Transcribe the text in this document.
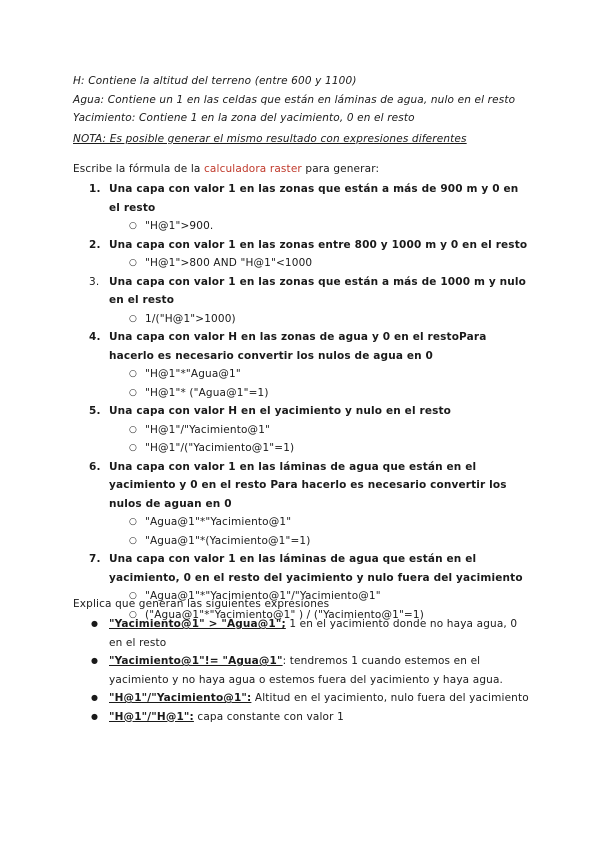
H: Contiene la altitud del terreno (entre 600 y 1100)
Agua: Contiene un 1 en las celdas que están en láminas de agua, nulo en el resto
Yacimiento: Contiene 1 en la zona del yacimiento, 0 en el resto
NOTA: Es posible generar el mismo resultado con expresiones diferentes
Escribe la fórmula de la calculadora raster para generar:
1. Una capa con valor 1 en las zonas que están a más de 900 m y 0 en el resto
○ "H@1">900.
2. Una capa con valor 1 en las zonas entre 800 y 1000 m y 0 en el resto
○ "H@1">800 AND "H@1"<1000
3. Una capa con valor 1 en las zonas que están a más de 1000 m y nulo en el resto
○ 1/("H@1">1000)
4. Una capa con valor H en las zonas de agua y 0 en el restoPara hacerlo es necesario convertir los nulos de agua en 0
○ "H@1"*"Agua@1"
○ "H@1"* ("Agua@1"=1)
5. Una capa con valor H en el yacimiento y nulo en el resto
○ "H@1"/"Yacimiento@1"
○ "H@1"/("Yacimiento@1"=1)
6. Una capa con valor 1 en las láminas de agua que están en el yacimiento y 0 en el resto Para hacerlo es necesario convertir los nulos de aguan en 0
○ "Agua@1"*"Yacimiento@1"
○ "Agua@1"*(Yacimiento@1"=1)
7. Una capa con valor 1 en las láminas de agua que están en el yacimiento, 0 en el resto del yacimiento y nulo fuera del yacimiento
○ "Agua@1"*"Yacimiento@1"/"Yacimiento@1"
○ ("Agua@1"*"Yacimiento@1" ) / ("Yacimiento@1"=1)
Explica que generan las siguientes expresiones
● "Yacimiento@1" > "Agua@1"; 1 en el yacimiento donde no haya agua, 0 en el resto
● "Yacimiento@1"!= "Agua@1": tendremos 1 cuando estemos en el yacimiento y no haya agua o estemos fuera del yacimiento y haya agua.
● "H@1"/"Yacimiento@1": Altitud en el yacimiento, nulo fuera del yacimiento
● "H@1"/"H@1": capa constante con valor 1
